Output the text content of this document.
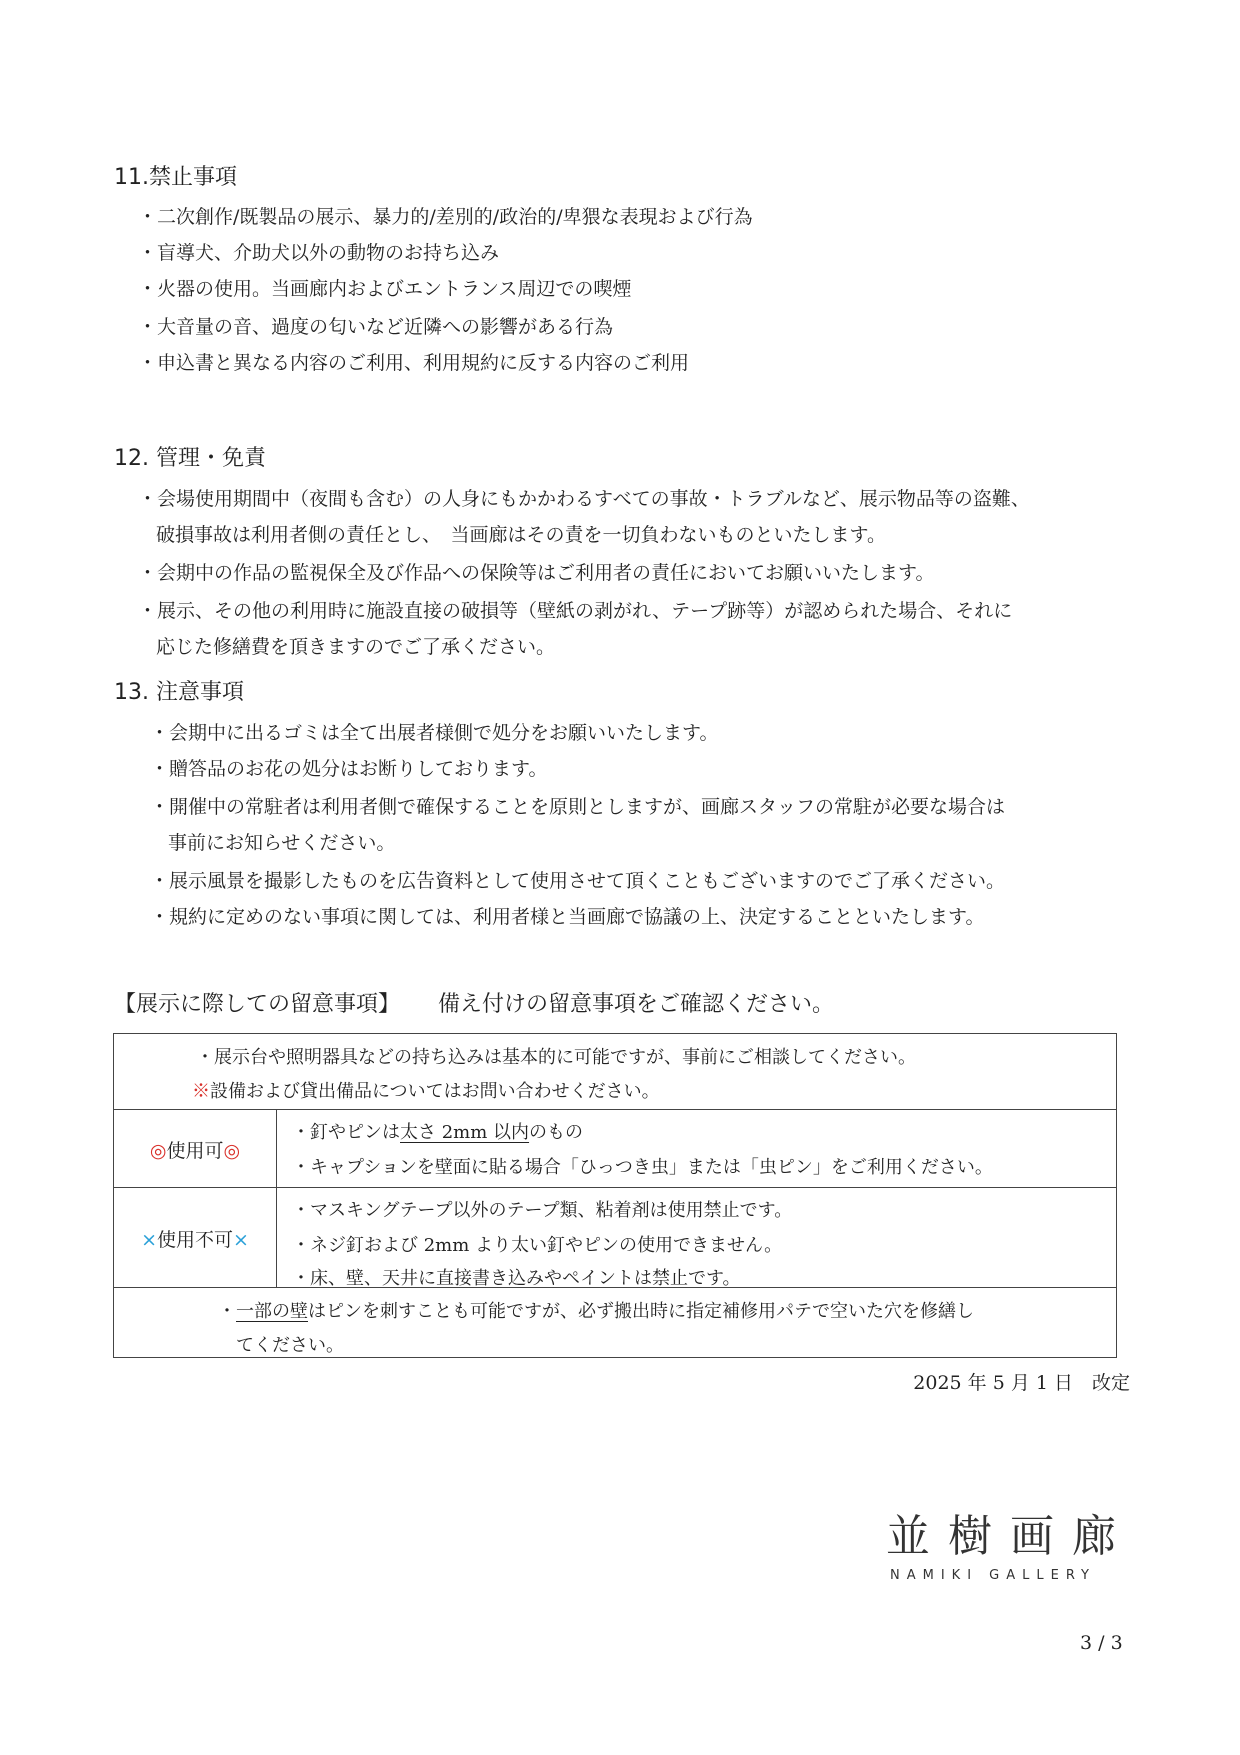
11.禁止事項
・二次創作/既製品の展示、暴力的/差別的/政治的/卑猥な表現および行為
・盲導犬、介助犬以外の動物のお持ち込み
・火器の使用。当画廊内およびエントランス周辺での喫煙
・大音量の音、過度の匂いなど近隣への影響がある行為
・申込書と異なる内容のご利用、利用規約に反する内容のご利用
12. 管理・免責
・会場使用期間中（夜間も含む）の人身にもかかわるすべての事故・トラブルなど、展示物品等の盗難、
破損事故は利用者側の責任とし、　当画廊はその責を一切負わないものといたします。
・会期中の作品の監視保全及び作品への保険等はご利用者の責任においてお願いいたします。
・展示、その他の利用時に施設直接の破損等（壁紙の剥がれ、テープ跡等）が認められた場合、それに
応じた修繕費を頂きますのでご了承ください。
13. 注意事項
・会期中に出るゴミは全て出展者様側で処分をお願いいたします。
・贈答品のお花の処分はお断りしております。
・開催中の常駐者は利用者側で確保することを原則としますが、画廊スタッフの常駐が必要な場合は
事前にお知らせください。
・展示風景を撮影したものを広告資料として使用させて頂くこともございますのでご了承ください。
・規約に定めのない事項に関しては、利用者様と当画廊で協議の上、決定することといたします。
【展示に際しての留意事項】 備え付けの留意事項をご確認ください。
・展示台や照明器具などの持ち込みは基本的に可能ですが、事前にご相談してください。
※設備および貸出備品についてはお問い合わせください。
◎使用可◎
・釘やピンは太さ 2mm 以内のもの
・キャプションを壁面に貼る場合「ひっつき虫」または「虫ピン」をご利用ください。
×使用不可×
・マスキングテープ以外のテープ類、粘着剤は使用禁止です。
・ネジ釘および 2mm より太い釘やピンの使用できません。
・床、壁、天井に直接書き込みやペイントは禁止です。
・一部の壁はピンを刺すことも可能ですが、必ず搬出時に指定補修用パテで空いた穴を修繕し
てください。
2025 年 5 月 1 日　改定
並樹画廊
NAMIKI GALLERY
3 / 3
